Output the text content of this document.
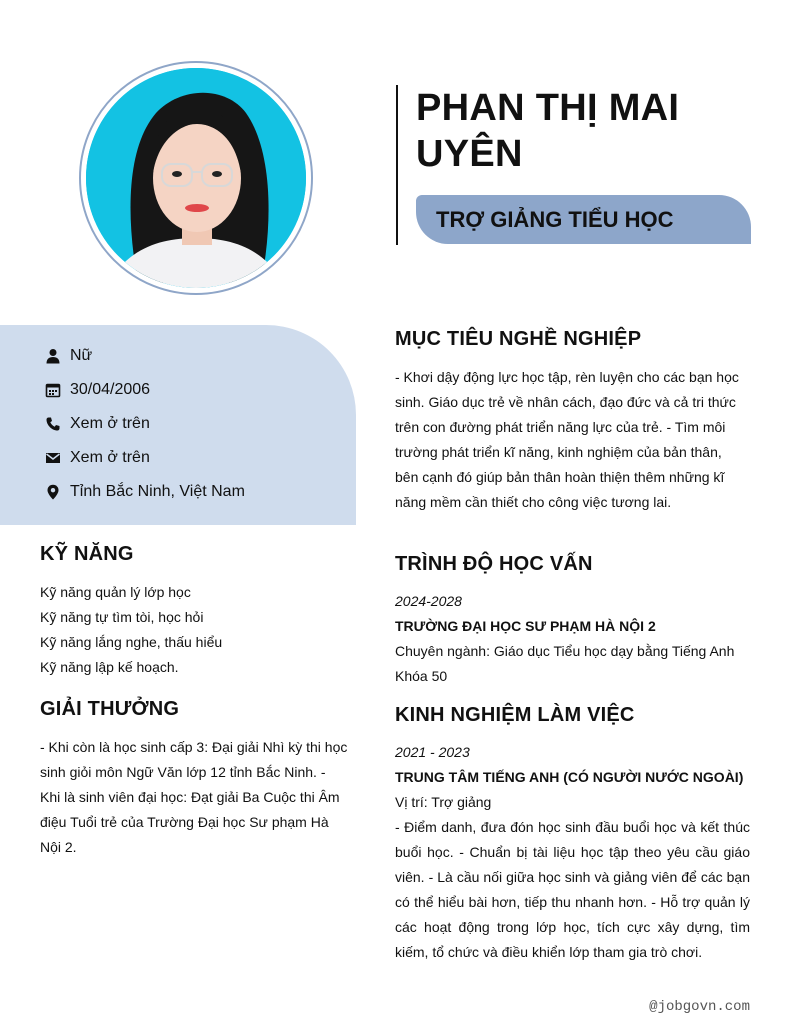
PHAN THỊ MAI UYÊN
TRỢ GIẢNG TIỂU HỌC
Nữ
30/04/2006
Xem ở trên
Xem ở trên
Tỉnh Bắc Ninh, Việt Nam
KỸ NĂNG
Kỹ năng quản lý lớp học
Kỹ năng tự tìm tòi, học hỏi
Kỹ năng lắng nghe, thấu hiểu
Kỹ năng lập kế hoạch.
GIẢI THƯỞNG
- Khi còn là học sinh cấp 3: Đại giải Nhì kỳ thi học sinh giỏi môn Ngữ Văn lớp 12 tỉnh Bắc Ninh. - Khi là sinh viên đại học: Đạt giải Ba Cuộc thi Âm điệu Tuổi trẻ của Trường Đại học Sư phạm Hà Nội 2.
MỤC TIÊU NGHỀ NGHIỆP
- Khơi dậy động lực học tập, rèn luyện cho các bạn học sinh. Giáo dục trẻ về nhân cách, đạo đức và cả tri thức trên con đường phát triển năng lực của trẻ. - Tìm môi trường phát triển kĩ năng, kinh nghiệm của bản thân, bên cạnh đó giúp bản thân hoàn thiện thêm những kĩ năng mềm cần thiết cho công việc tương lai.
TRÌNH ĐỘ HỌC VẤN
2024-2028
TRƯỜNG ĐẠI HỌC SƯ PHẠM HÀ NỘI 2
Chuyên ngành: Giáo dục Tiểu học dạy bằng Tiếng Anh
Khóa 50
KINH NGHIỆM LÀM VIỆC
2021 - 2023
TRUNG TÂM TIẾNG ANH (CÓ NGƯỜI NƯỚC NGOÀI)
Vị trí: Trợ giảng
- Điểm danh, đưa đón học sinh đầu buổi học và kết thúc buổi học. - Chuẩn bị tài liệu học tập theo yêu cầu giáo viên. - Là cầu nối giữa học sinh và giảng viên để các bạn có thể hiểu bài hơn, tiếp thu nhanh hơn. - Hỗ trợ quản lý các hoạt động trong lớp học, tích cực xây dựng, tìm kiếm, tổ chức và điều khiển lớp tham gia trò chơi.
@jobgovn.com
